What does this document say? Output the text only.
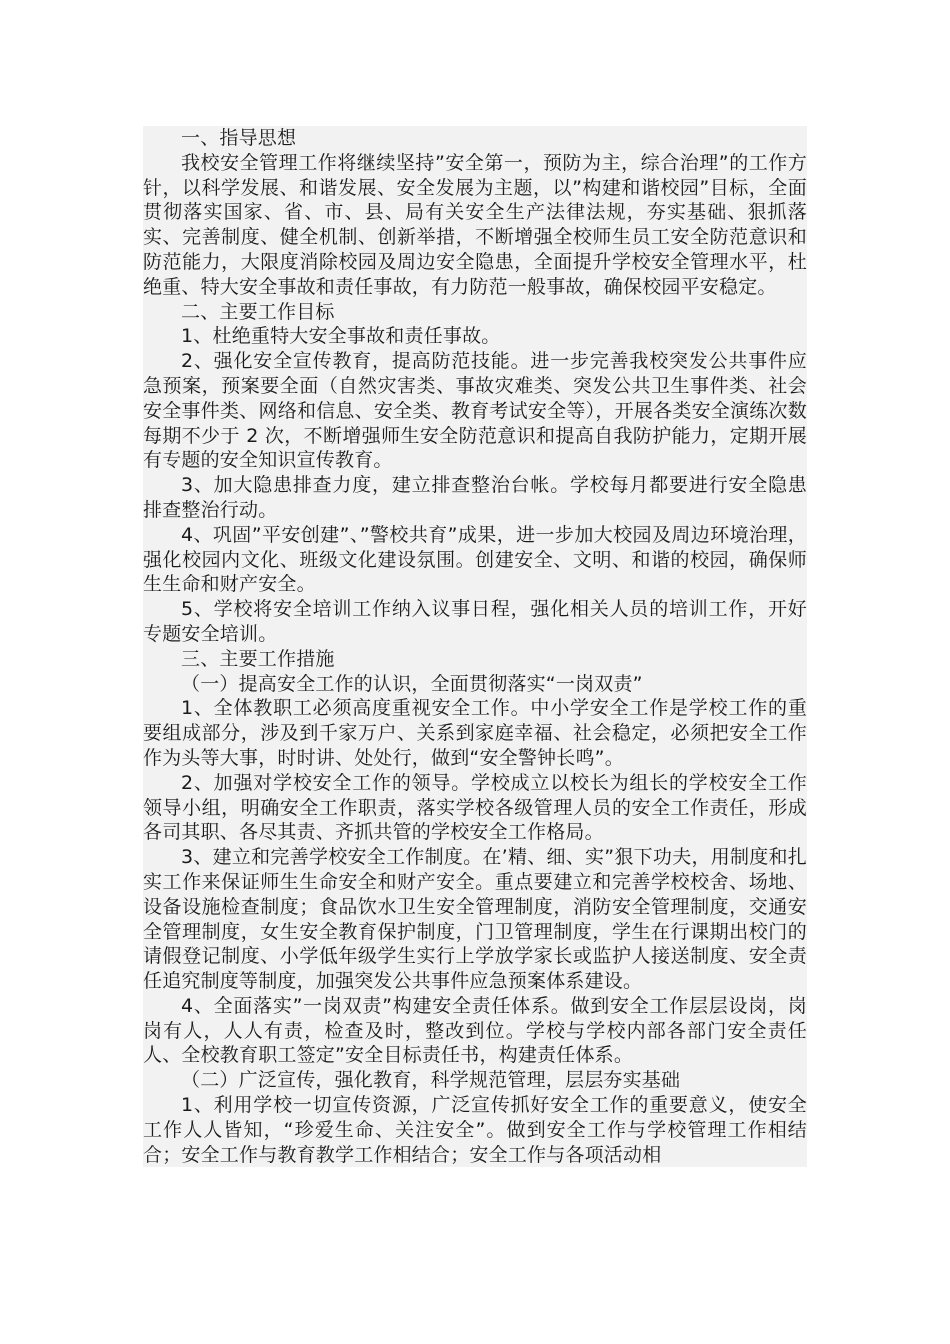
一、指导思想

我校安全管理工作将继续坚持”安全第一，预防为主，综合治理”的工作方针，以科学发展、和谐发展、安全发展为主题，以”构建和谐校园”目标，全面贯彻落实国家、省、市、县、局有关安全生产法律法规，夯实基础、狠抓落实、完善制度、健全机制、创新举措，不断增强全校师生员工安全防范意识和防范能力，大限度消除校园及周边安全隐患，全面提升学校安全管理水平，杜绝重、特大安全事故和责任事故，有力防范一般事故，确保校园平安稳定。

二、主要工作目标

1、杜绝重特大安全事故和责任事故。

2、强化安全宣传教育，提高防范技能。进一步完善我校突发公共事件应急预案，预案要全面（自然灾害类、事故灾难类、突发公共卫生事件类、社会安全事件类、网络和信息、安全类、教育考试安全等），开展各类安全演练次数每期不少于 2 次，不断增强师生安全防范意识和提高自我防护能力，定期开展有专题的安全知识宣传教育。

3、加大隐患排查力度，建立排查整治台帐。学校每月都要进行安全隐患排查整治行动。

4、巩固”平安创建”、”警校共育”成果，进一步加大校园及周边环境治理，强化校园内文化、班级文化建设氛围。创建安全、文明、和谐的校园，确保师生生命和财产安全。

5、学校将安全培训工作纳入议事日程，强化相关人员的培训工作，开好专题安全培训。

三、主要工作措施

（一）提高安全工作的认识，全面贯彻落实“一岗双责”

1、全体教职工必须高度重视安全工作。中小学安全工作是学校工作的重要组成部分，涉及到千家万户、关系到家庭幸福、社会稳定，必须把安全工作作为头等大事，时时讲、处处行，做到“安全警钟长鸣”。

2、加强对学校安全工作的领导。学校成立以校长为组长的学校安全工作领导小组，明确安全工作职责，落实学校各级管理人员的安全工作责任，形成各司其职、各尽其责、齐抓共管的学校安全工作格局。

3、建立和完善学校安全工作制度。在’精、细、实”狠下功夫，用制度和扎实工作来保证师生生命安全和财产安全。重点要建立和完善学校校舍、场地、设备设施检查制度；食品饮水卫生安全管理制度，消防安全管理制度，交通安全管理制度，女生安全教育保护制度，门卫管理制度，学生在行课期出校门的请假登记制度、小学低年级学生实行上学放学家长或监护人接送制度、安全责任追究制度等制度，加强突发公共事件应急预案体系建设。

4、全面落实”一岗双责”构建安全责任体系。做到安全工作层层设岗，岗岗有人，人人有责，检查及时，整改到位。学校与学校内部各部门安全责任人、全校教育职工签定”安全目标责任书，构建责任体系。

（二）广泛宣传，强化教育，科学规范管理，层层夯实基础

1、利用学校一切宣传资源，广泛宣传抓好安全工作的重要意义，使安全工作人人皆知，“珍爱生命、关注安全”。做到安全工作与学校管理工作相结合；安全工作与教育教学工作相结合；安全工作与各项活动相
